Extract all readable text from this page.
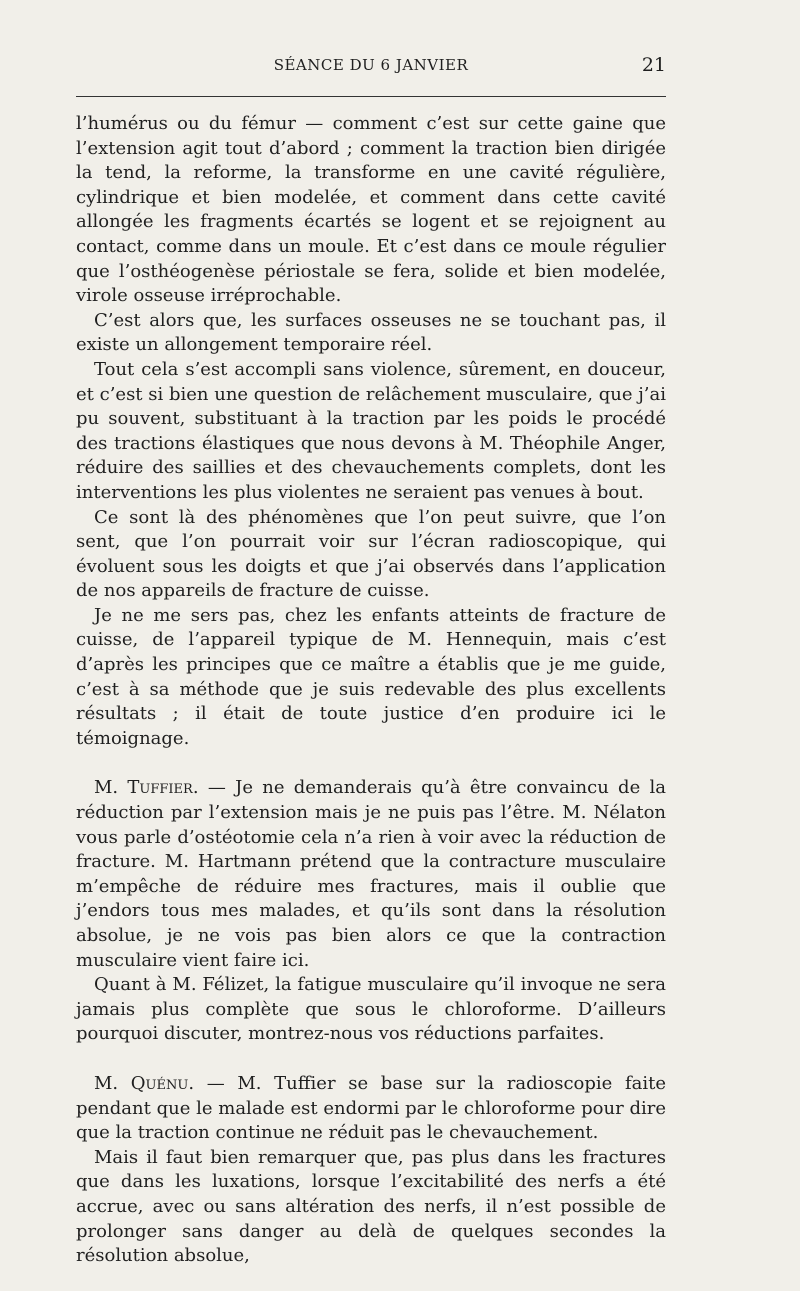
SÉANCE DU 6 JANVIER	21

l’humérus ou du fémur — comment c’est sur cette gaine que l’extension agit tout d’abord ; comment la traction bien dirigée la tend, la reforme, la transforme en une cavité régulière, cylindrique et bien modelée, et comment dans cette cavité allongée les fragments écartés se logent et se rejoignent au contact, comme dans un moule. Et c’est dans ce moule régulier que l’osthéogenèse périostale se fera, solide et bien modelée, virole osseuse irréprochable.

C’est alors que, les surfaces osseuses ne se touchant pas, il existe un allongement temporaire réel.

Tout cela s’est accompli sans violence, sûrement, en douceur, et c’est si bien une question de relâchement musculaire, que j’ai pu souvent, substituant à la traction par les poids le procédé des tractions élastiques que nous devons à M. Théophile Anger, réduire des saillies et des chevauchements complets, dont les interventions les plus violentes ne seraient pas venues à bout.

Ce sont là des phénomènes que l’on peut suivre, que l’on sent, que l’on pourrait voir sur l’écran radioscopique, qui évoluent sous les doigts et que j’ai observés dans l’application de nos appareils de fracture de cuisse.

Je ne me sers pas, chez les enfants atteints de fracture de cuisse, de l’appareil typique de M. Hennequin, mais c’est d’après les principes que ce maître a établis que je me guide, c’est à sa méthode que je suis redevable des plus excellents résultats ; il était de toute justice d’en produire ici le témoignage.

M. Tuffier. — Je ne demanderais qu’à être convaincu de la réduction par l’extension mais je ne puis pas l’être. M. Nélaton vous parle d’ostéotomie cela n’a rien à voir avec la réduction de fracture. M. Hartmann prétend que la contracture musculaire m’empêche de réduire mes fractures, mais il oublie que j’endors tous mes malades, et qu’ils sont dans la résolution absolue, je ne vois pas bien alors ce que la contraction musculaire vient faire ici.

Quant à M. Félizet, la fatigue musculaire qu’il invoque ne sera jamais plus complète que sous le chloroforme. D’ailleurs pourquoi discuter, montrez-nous vos réductions parfaites.

M. Quénu. — M. Tuffier se base sur la radioscopie faite pendant que le malade est endormi par le chloroforme pour dire que la traction continue ne réduit pas le chevauchement.

Mais il faut bien remarquer que, pas plus dans les fractures que dans les luxations, lorsque l’excitabilité des nerfs a été accrue, avec ou sans altération des nerfs, il n’est possible de prolonger sans danger au delà de quelques secondes la résolution absolue,
